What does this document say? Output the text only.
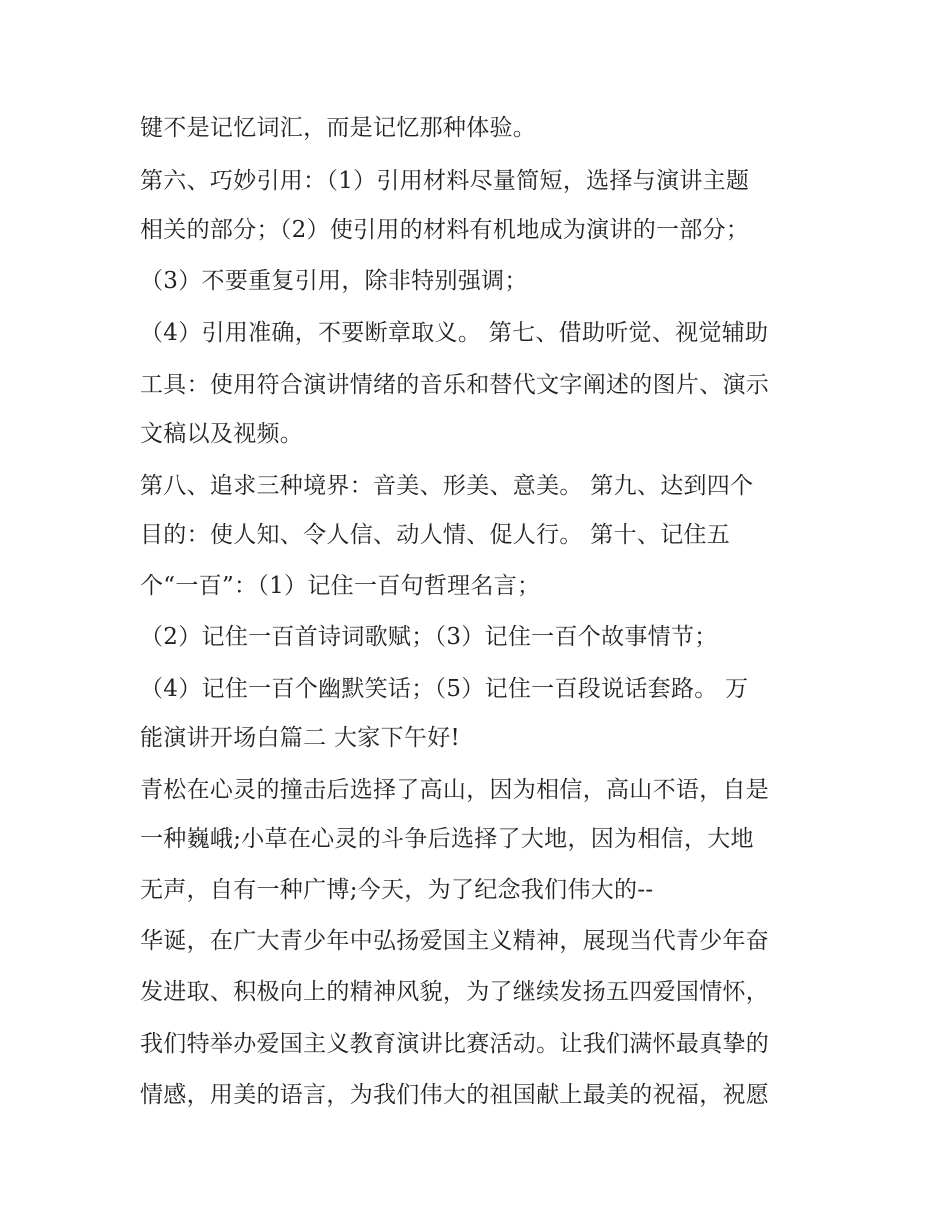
键不是记忆词汇，而是记忆那种体验。
第六、巧妙引用：（1）引用材料尽量简短，选择与演讲主题
相关的部分；（2）使引用的材料有机地成为演讲的一部分；
（3）不要重复引用，除非特别强调；
（4）引用准确，不要断章取义。 第七、借助听觉、视觉辅助
工具：使用符合演讲情绪的音乐和替代文字阐述的图片、演示
文稿以及视频。
第八、追求三种境界：音美、形美、意美。 第九、达到四个
目的：使人知、令人信、动人情、促人行。 第十、记住五
个“一百”：（1）记住一百句哲理名言；
（2）记住一百首诗词歌赋；（3）记住一百个故事情节；
（4）记住一百个幽默笑话；（5）记住一百段说话套路。 万
能演讲开场白篇二 大家下午好!
青松在心灵的撞击后选择了高山，因为相信，高山不语，自是
一种巍峨;小草在心灵的斗争后选择了大地，因为相信，大地
无声，自有一种广博;今天，为了纪念我们伟大的--
华诞，在广大青少年中弘扬爱国主义精神，展现当代青少年奋
发进取、积极向上的精神风貌，为了继续发扬五四爱国情怀，
我们特举办爱国主义教育演讲比赛活动。让我们满怀最真挚的
情感，用美的语言，为我们伟大的祖国献上最美的祝福，祝愿
